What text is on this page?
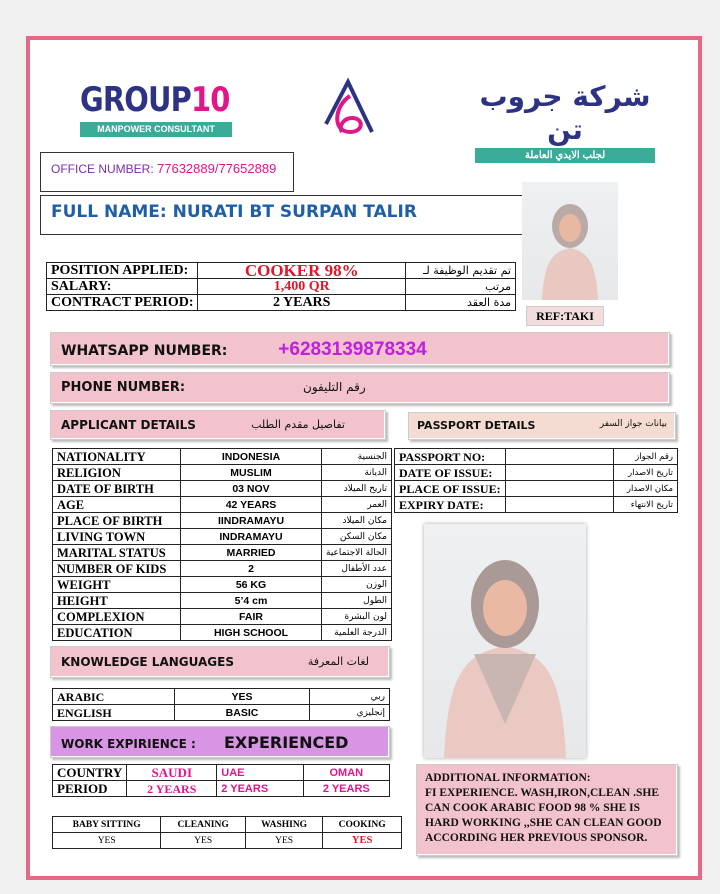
GROUP10
MANPOWER CONSULTANT
شركة جروب تن
لجلب الايدي العاملة
OFFICE NUMBER: 77632889/77652889
FULL NAME: NURATI BT SURPAN TALIR
REF:TAKI
POSITION APPLIED:	COOKER 98%	تم تقديم الوظيفة لـ
SALARY:	1,400 QR	مرتب
CONTRACT PERIOD:	2 YEARS	مدة العقد
WHATSAPP NUMBER:	+6283139878334
PHONE NUMBER:	رقم التليفون
APPLICANT DETAILS	تفاصيل مقدم الطلب	PASSPORT DETAILS	بيانات جواز السفر
NATIONALITY	INDONESIA	الجنسية
RELIGION	MUSLIM	الديانة
DATE OF BIRTH	03 NOV	تاريخ الميلاد
AGE	42 YEARS	العمر
PLACE OF BIRTH	IINDRAMAYU	مكان الميلاد
LIVING TOWN	INDRAMAYU	مكان السكن
MARITAL STATUS	MARRIED	الحالة الاجتماعية
NUMBER OF KIDS	2	عدد الأطفال
WEIGHT	56 KG	الوزن
HEIGHT	5’4 cm	الطول
COMPLEXION	FAIR	لون البشرة
EDUCATION	HIGH SCHOOL	الدرجة العلمية
PASSPORT NO:		رقم الجواز
DATE OF ISSUE:		تاريخ الاصدار
PLACE OF ISSUE:		مكان الاصدار
EXPIRY DATE:		تاريخ الانتهاء
KNOWLEDGE LANGUAGES	لغات المعرفة
ARABIC	YES	ربي
ENGLISH	BASIC	إنجليزي
WORK EXPIRIENCE : EXPERIENCED
COUNTRY	SAUDI	UAE	OMAN
PERIOD	2 YEARS	2 YEARS	2 YEARS
BABY SITTING	CLEANING	WASHING	COOKING
YES	YES	YES	YES
ADDITIONAL INFORMATION:
FI EXPERIENCE. WASH,IRON,CLEAN .SHE CAN COOK ARABIC FOOD 98 % SHE IS HARD WORKING ,,SHE CAN CLEAN GOOD ACCORDING HER PREVIOUS SPONSOR.
